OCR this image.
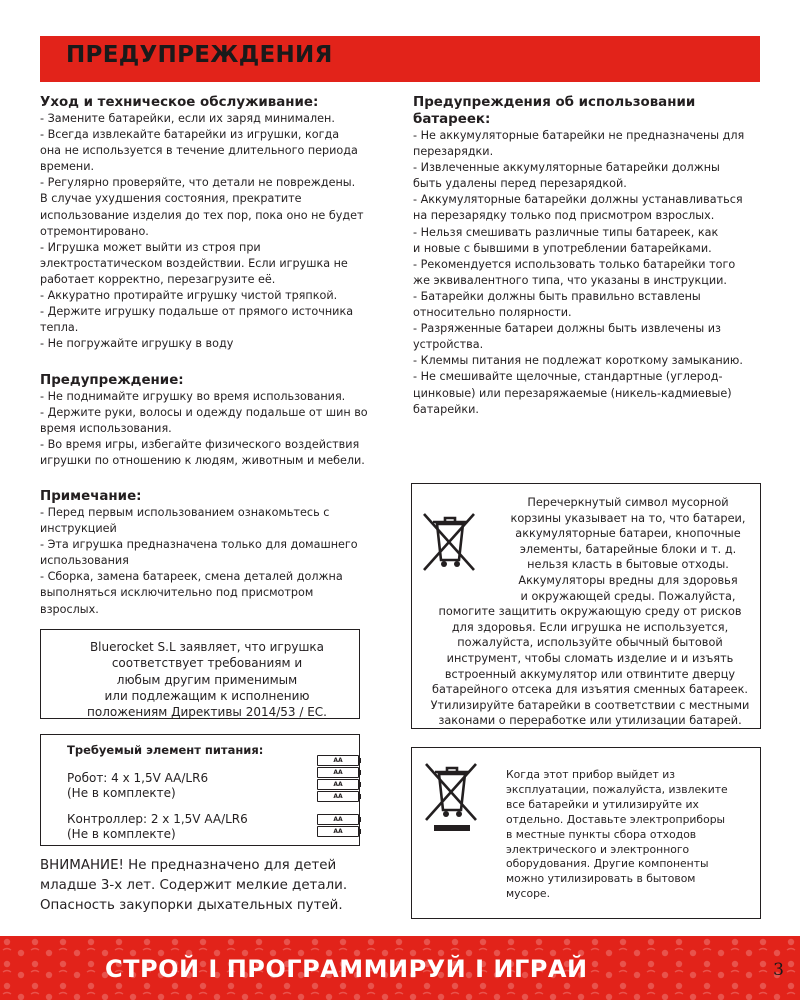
ПРЕДУПРЕЖДЕНИЯ
Уход и техническое обслуживание:
- Замените батарейки, если их заряд минимален.
- Всегда извлекайте батарейки из игрушки, когда
она не используется в течение длительного периода
времени.
- Регулярно проверяйте, что детали не повреждены.
В случае ухудшения состояния, прекратите
использование изделия до тех пор, пока оно не будет
отремонтировано.
- Игрушка может выйти из строя при
электростатическом воздействии. Если игрушка не
работает корректно, перезагрузите её.
- Аккуратно протирайте игрушку чистой тряпкой.
- Держите игрушку подальше от прямого источника
тепла.
- Не погружайте игрушку в воду
Предупреждение:
- Не поднимайте игрушку во время использования.
- Держите руки, волосы и одежду подальше от шин во
время использования.
- Во время игры, избегайте физического воздействия
игрушки по отношению к людям, животным и мебели.
Примечание:
- Перед первым использованием ознакомьтесь с
инструкцией
- Эта игрушка предназначена только для домашнего
использования
- Сборка, замена батареек, смена деталей должна
выполняться исключительно под присмотром
взрослых.
Предупреждения об использовании
батареек:
- Не аккумуляторные батарейки не предназначены для
перезарядки.
- Извлеченные аккумуляторные батарейки должны
быть удалены перед перезарядкой.
- Аккумуляторные батарейки должны устанавливаться
на перезарядку только под присмотром взрослых.
- Нельзя смешивать различные типы батареек, как
и новые с бывшими в употреблении батарейками.
- Рекомендуется использовать только батарейки того
же эквивалентного типа, что указаны в инструкции.
- Батарейки должны быть правильно вставлены
относительно полярности.
- Разряженные батареи должны быть извлечены из
устройства.
- Клеммы питания не подлежат короткому замыканию.
- Не смешивайте щелочные, стандартные (углерод-
цинковые) или перезаряжаемые (никель-кадмиевые)
батарейки.
Bluerocket S.L заявляет, что игрушка
соответствует требованиям и
любым другим применимым
или подлежащим к исполнению
положениям Директивы 2014/53 / EC.
Требуемый элемент питания:
Робот: 4 x 1,5V AA/LR6
(Не в комплекте)
Контроллер: 2 x 1,5V AA/LR6
(Не в комплекте)
AA
AA
AA
AA
AA
AA
ВНИМАНИЕ! Не предназначено для детей
младше 3-х лет. Содержит мелкие детали.
Опасность закупорки дыхательных путей.
Перечеркнутый символ мусорной
корзины указывает на то, что батареи,
аккумуляторные батареи, кнопочные
элементы, батарейные блоки и т. д.
нельзя класть в бытовые отходы.
Аккумуляторы вредны для здоровья
и окружающей среды. Пожалуйста,
помогите защитить окружающую среду от рисков
для здоровья. Если игрушка не используется,
пожалуйста, используйте обычный бытовой
инструмент, чтобы сломать изделие и и изъять
встроенный аккумулятор или отвинтите дверцу
батарейного отсека для изъятия сменных батареек.
Утилизируйте батарейки в соответствии с местными
законами о переработке или утилизации батарей.
Когда этот прибор выйдет из
эксплуатации, пожалуйста, извлеките
все батарейки и утилизируйте их
отдельно. Доставьте электроприборы
в местные пункты сбора отходов
электрического и электронного
оборудования. Другие компоненты
можно утилизировать в бытовом
мусоре.
СТРОЙ I ПРОГРАММИРУЙ I ИГРАЙ	3
